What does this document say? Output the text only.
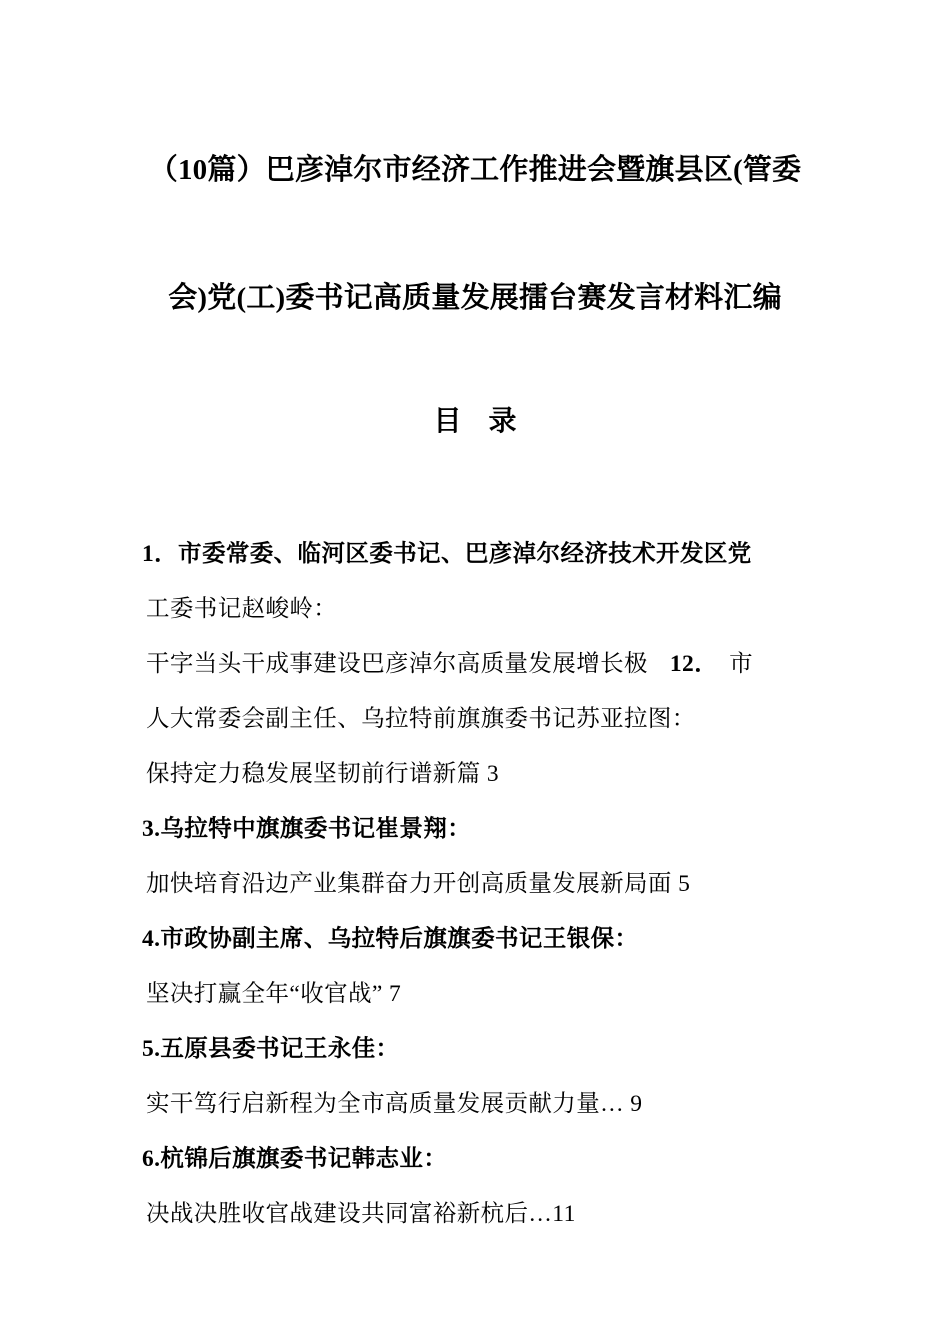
（10篇）巴彦淖尔市经济工作推进会暨旗县区(管委
会)党(工)委书记高质量发展擂台赛发言材料汇编
目 录
1．市委常委、临河区委书记、巴彦淖尔经济技术开发区党
工委书记赵峻岭：
干字当头干成事建设巴彦淖尔高质量发展增长极 12． 市
人大常委会副主任、乌拉特前旗旗委书记苏亚拉图：
保持定力稳发展坚韧前行谱新篇 3
3.乌拉特中旗旗委书记崔景翔：
加快培育沿边产业集群奋力开创高质量发展新局面 5
4.市政协副主席、乌拉特后旗旗委书记王银保：
坚决打赢全年“收官战” 7
5.五原县委书记王永佳：
实干笃行启新程为全市高质量发展贡献力量… 9
6.杭锦后旗旗委书记韩志业：
决战决胜收官战建设共同富裕新杭后…11
